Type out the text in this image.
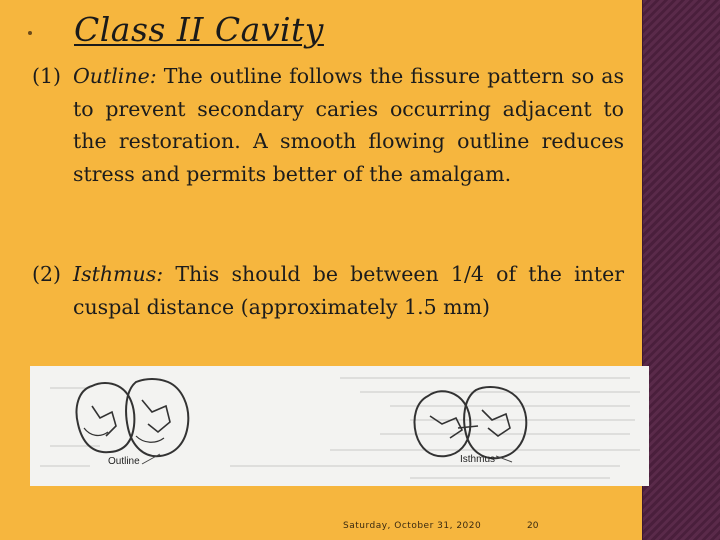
Class II Cavity
(1) Outline: The outline follows the fissure pattern so as to prevent secondary caries occurring adjacent to the restoration. A smooth flowing outline reduces stress and permits better of the amalgam.
(2) Isthmus: This should be between 1/4 of the inter cuspal distance (approximately 1.5 mm)
Outline	Isthmus
Saturday, October 31, 2020	20
